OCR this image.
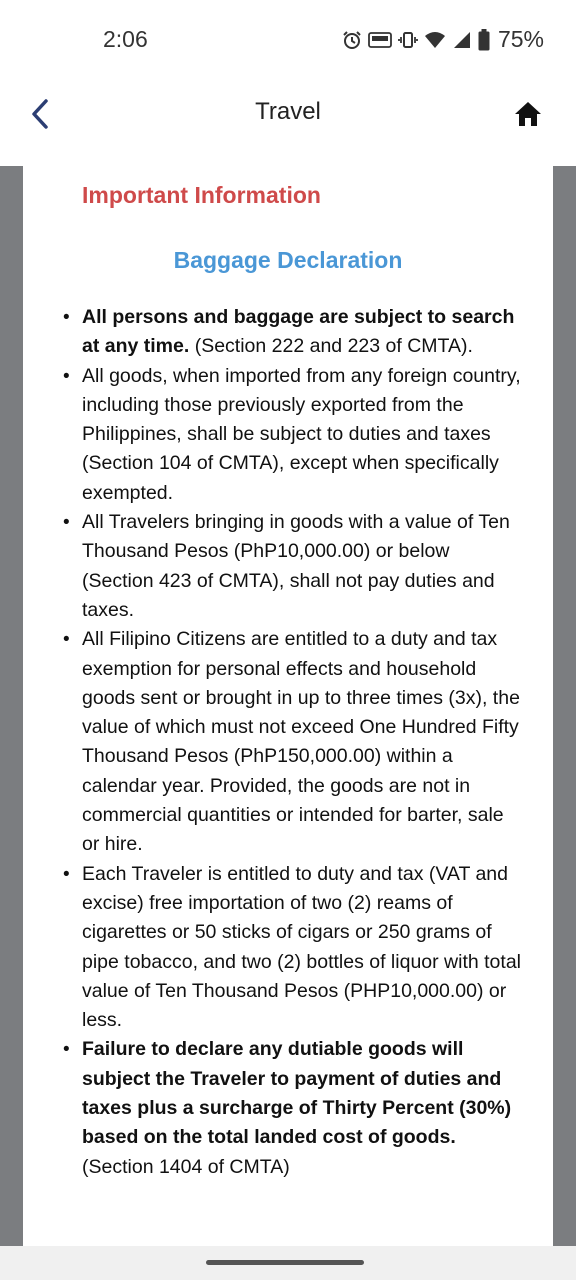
2:06	75%
Travel
Important Information
Baggage Declaration
• All persons and baggage are subject to search at any time. (Section 222 and 223 of CMTA).
• All goods, when imported from any foreign country, including those previously exported from the Philippines, shall be subject to duties and taxes (Section 104 of CMTA), except when specifically exempted.
• All Travelers bringing in goods with a value of Ten Thousand Pesos (PhP10,000.00) or below (Section 423 of CMTA), shall not pay duties and taxes.
• All Filipino Citizens are entitled to a duty and tax exemption for personal effects and household goods sent or brought in up to three times (3x), the value of which must not exceed One Hundred Fifty Thousand Pesos (PhP150,000.00) within a calendar year. Provided, the goods are not in commercial quantities or intended for barter, sale or hire.
• Each Traveler is entitled to duty and tax (VAT and excise) free importation of two (2) reams of cigarettes or 50 sticks of cigars or 250 grams of pipe tobacco, and two (2) bottles of liquor with total value of Ten Thousand Pesos (PHP10,000.00) or less.
• Failure to declare any dutiable goods will subject the Traveler to payment of duties and taxes plus a surcharge of Thirty Percent (30%) based on the total landed cost of goods. (Section 1404 of CMTA)
